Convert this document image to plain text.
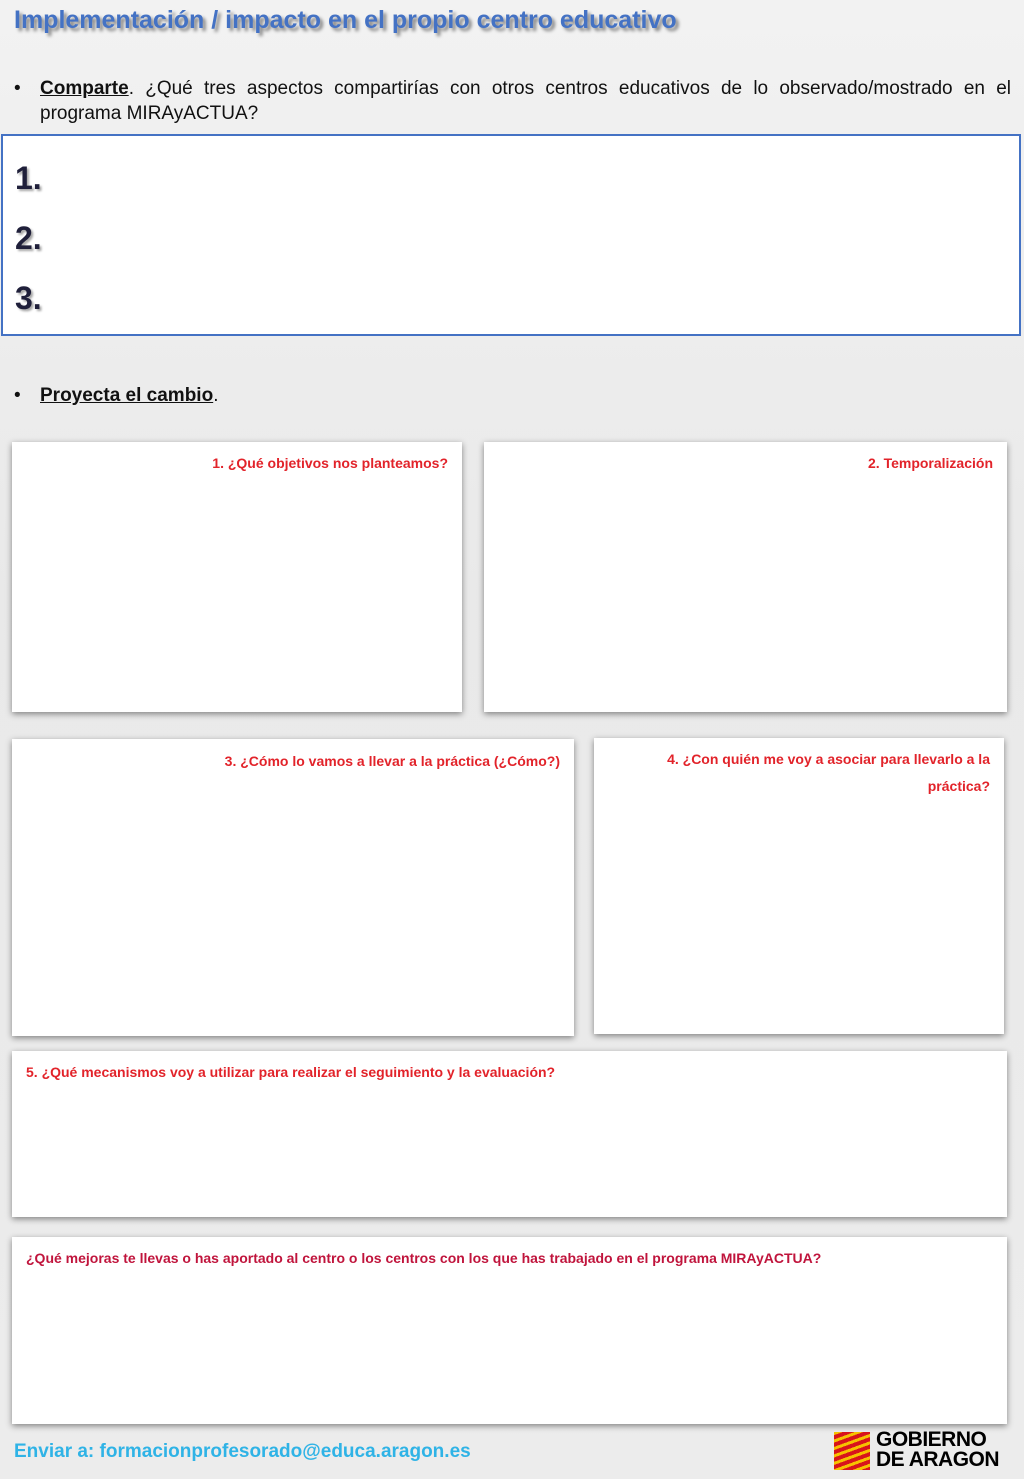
Implementación / impacto en el propio centro educativo
• Comparte. ¿Qué tres aspectos compartirías con otros centros educativos de lo observado/mostrado en el programa MIRAyACTUA?
1.
2.
3.
• Proyecta el cambio.
1. ¿Qué objetivos nos planteamos?	2. Temporalización
3. ¿Cómo lo vamos a llevar a la práctica (¿Cómo?)	4. ¿Con quién me voy a asociar para llevarlo a la
práctica?
5. ¿Qué mecanismos voy a utilizar para realizar el seguimiento y la evaluación?
¿Qué mejoras te llevas o has aportado al centro o los centros con los que has trabajado en el programa MIRAyACTUA?
Enviar a: formacionprofesorado@educa.aragon.es
GOBIERNO
DE ARAGON
